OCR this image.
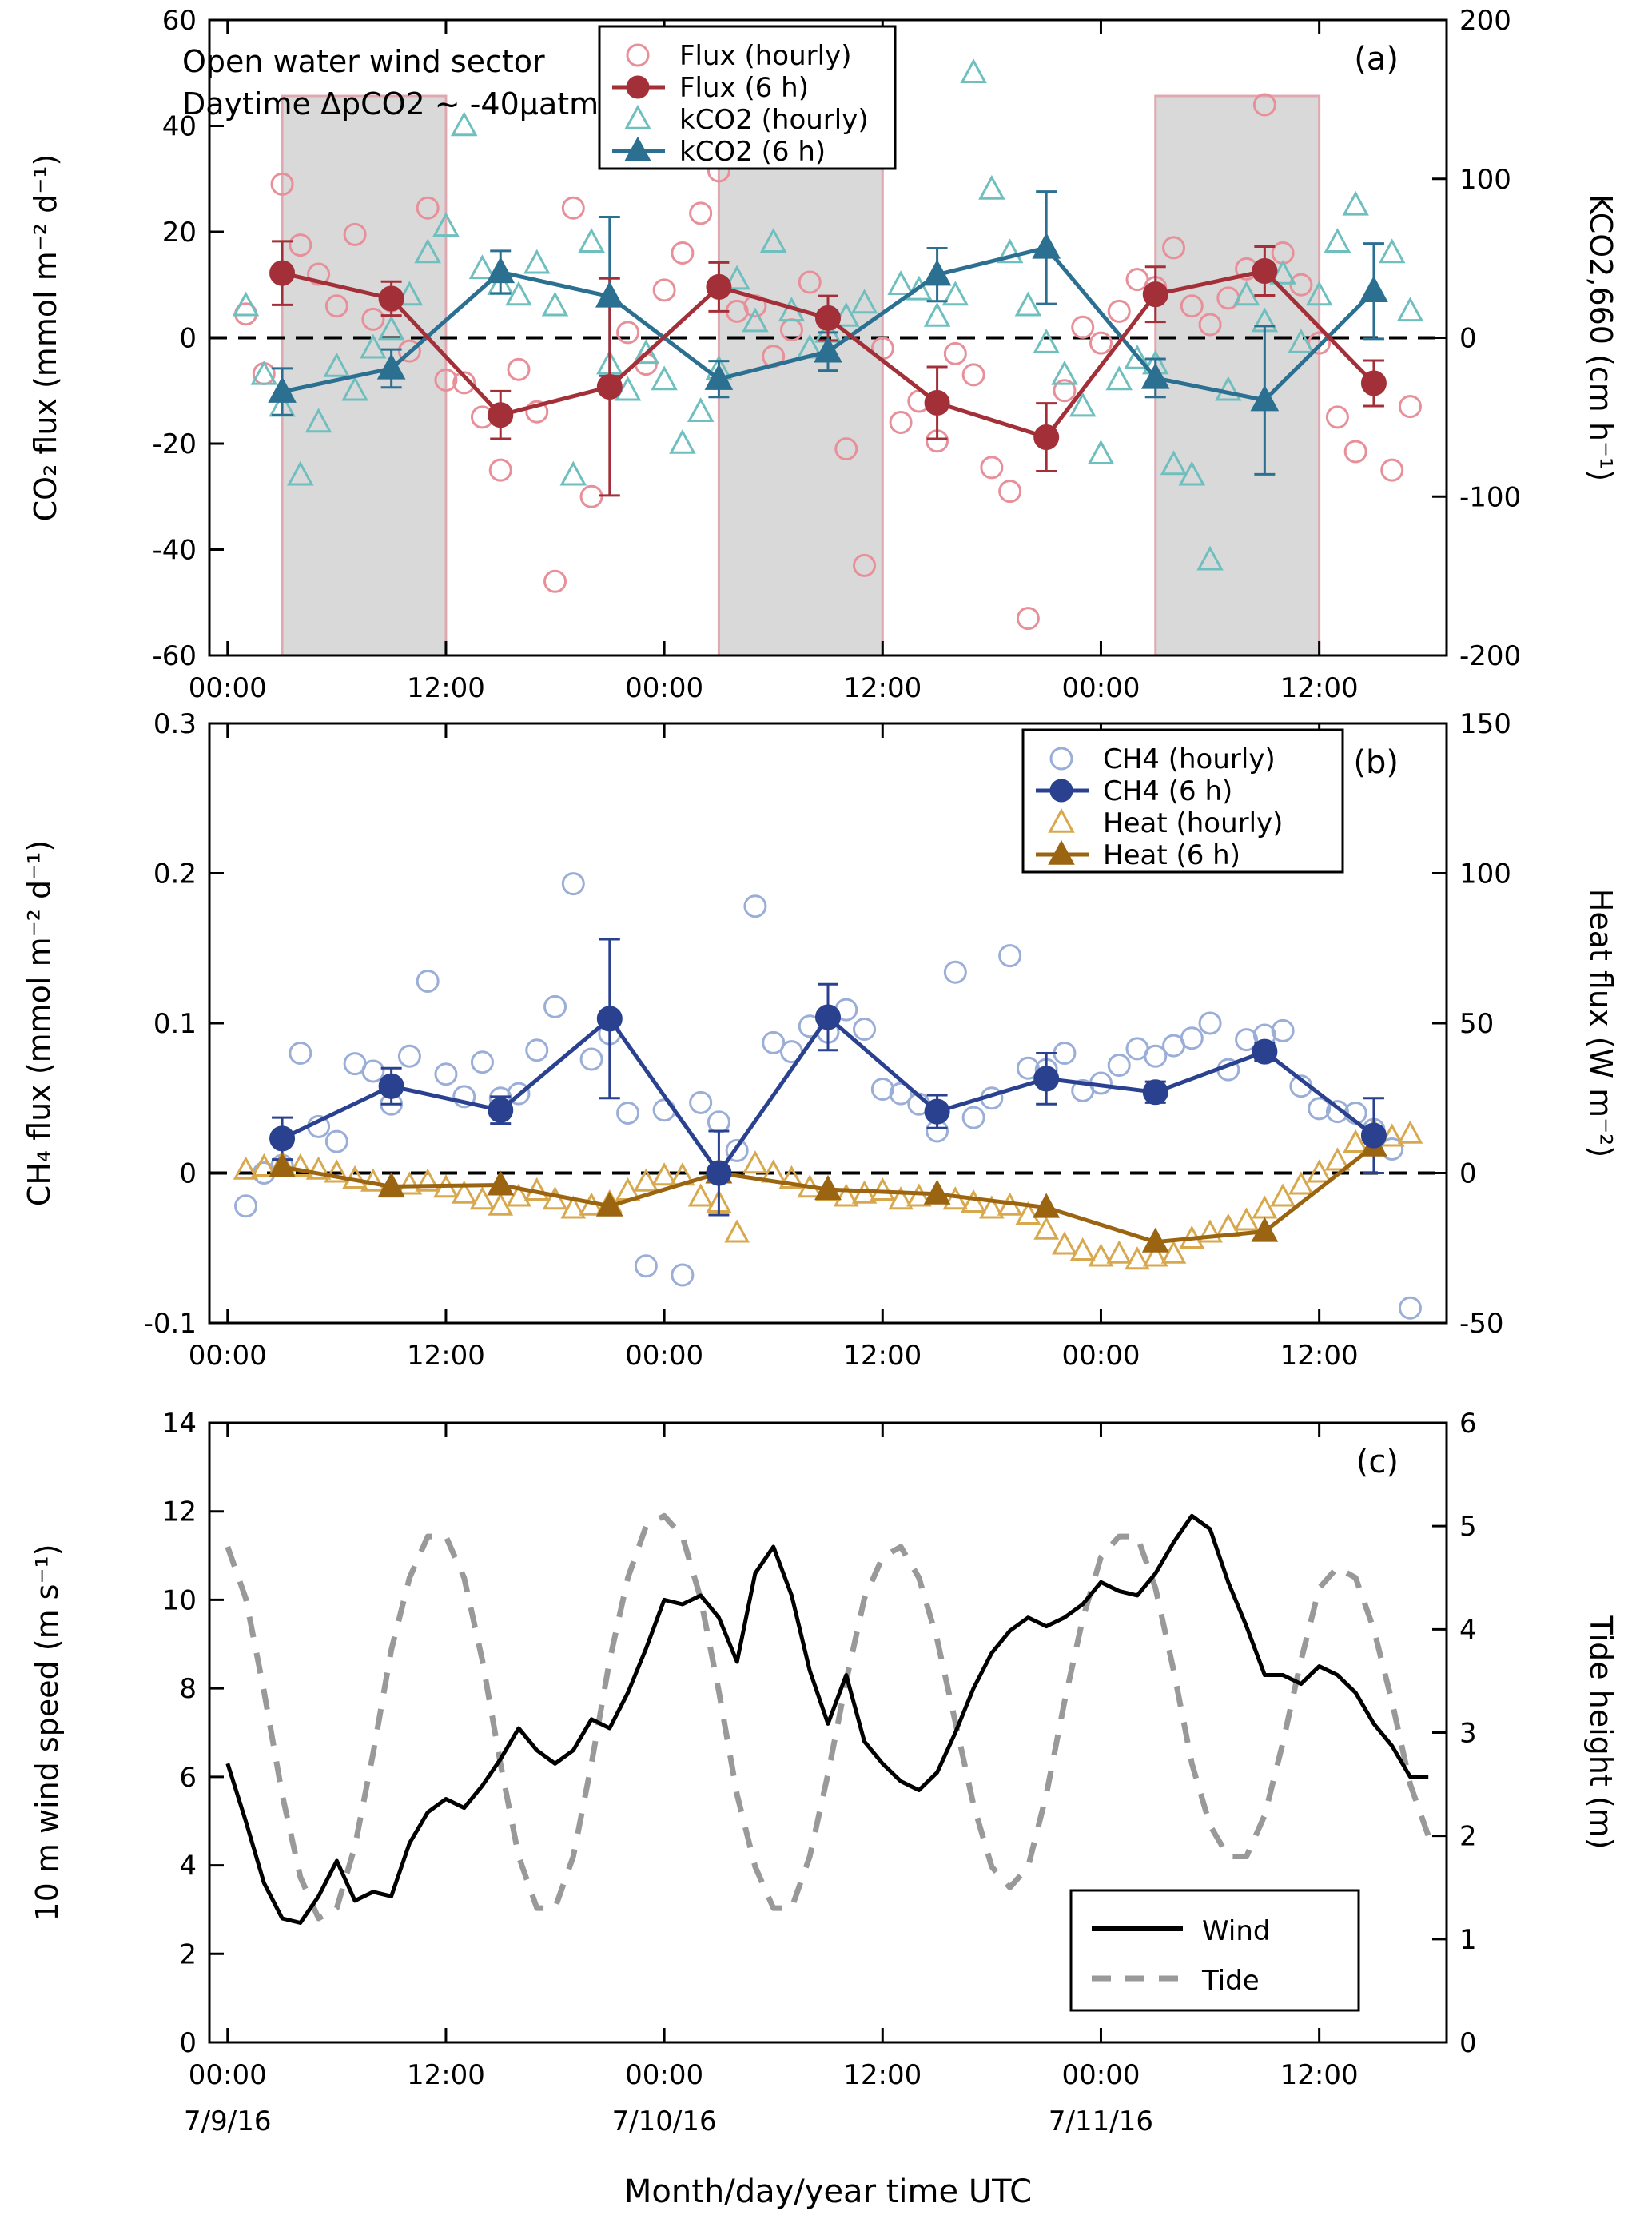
-60
-40
-20
0
20
40
60
-200
-100
0
100
200
00:00	12:00	00:00	12:00	00:00	12:00
(a)
CO₂ flux (mmol m⁻² d⁻¹)	KCO2,660 (cm h⁻¹)
Open water wind sector
Daytime ΔpCO2 ~ -40µatm
Flux (hourly)
Flux (6 h)
kCO2 (hourly)
kCO2 (6 h)
-0.1
0
0.1
0.2
0.3
-50
0
50
100
150
00:00	12:00	00:00	12:00	00:00	12:00
(b)
CH₄ flux (mmol m⁻² d⁻¹)	Heat flux (W m⁻²)
CH4 (hourly)
CH4 (6 h)
Heat (hourly)
Heat (6 h)
0
2
4
6
8
10
12
14
0
1
2
3
4
5
6
00:00	12:00	00:00	12:00	00:00	12:00
(c)
10 m wind speed (m s⁻¹)	Tide height (m)
Wind
Tide
7/9/16	7/10/16	7/11/16
Month/day/year time UTC
